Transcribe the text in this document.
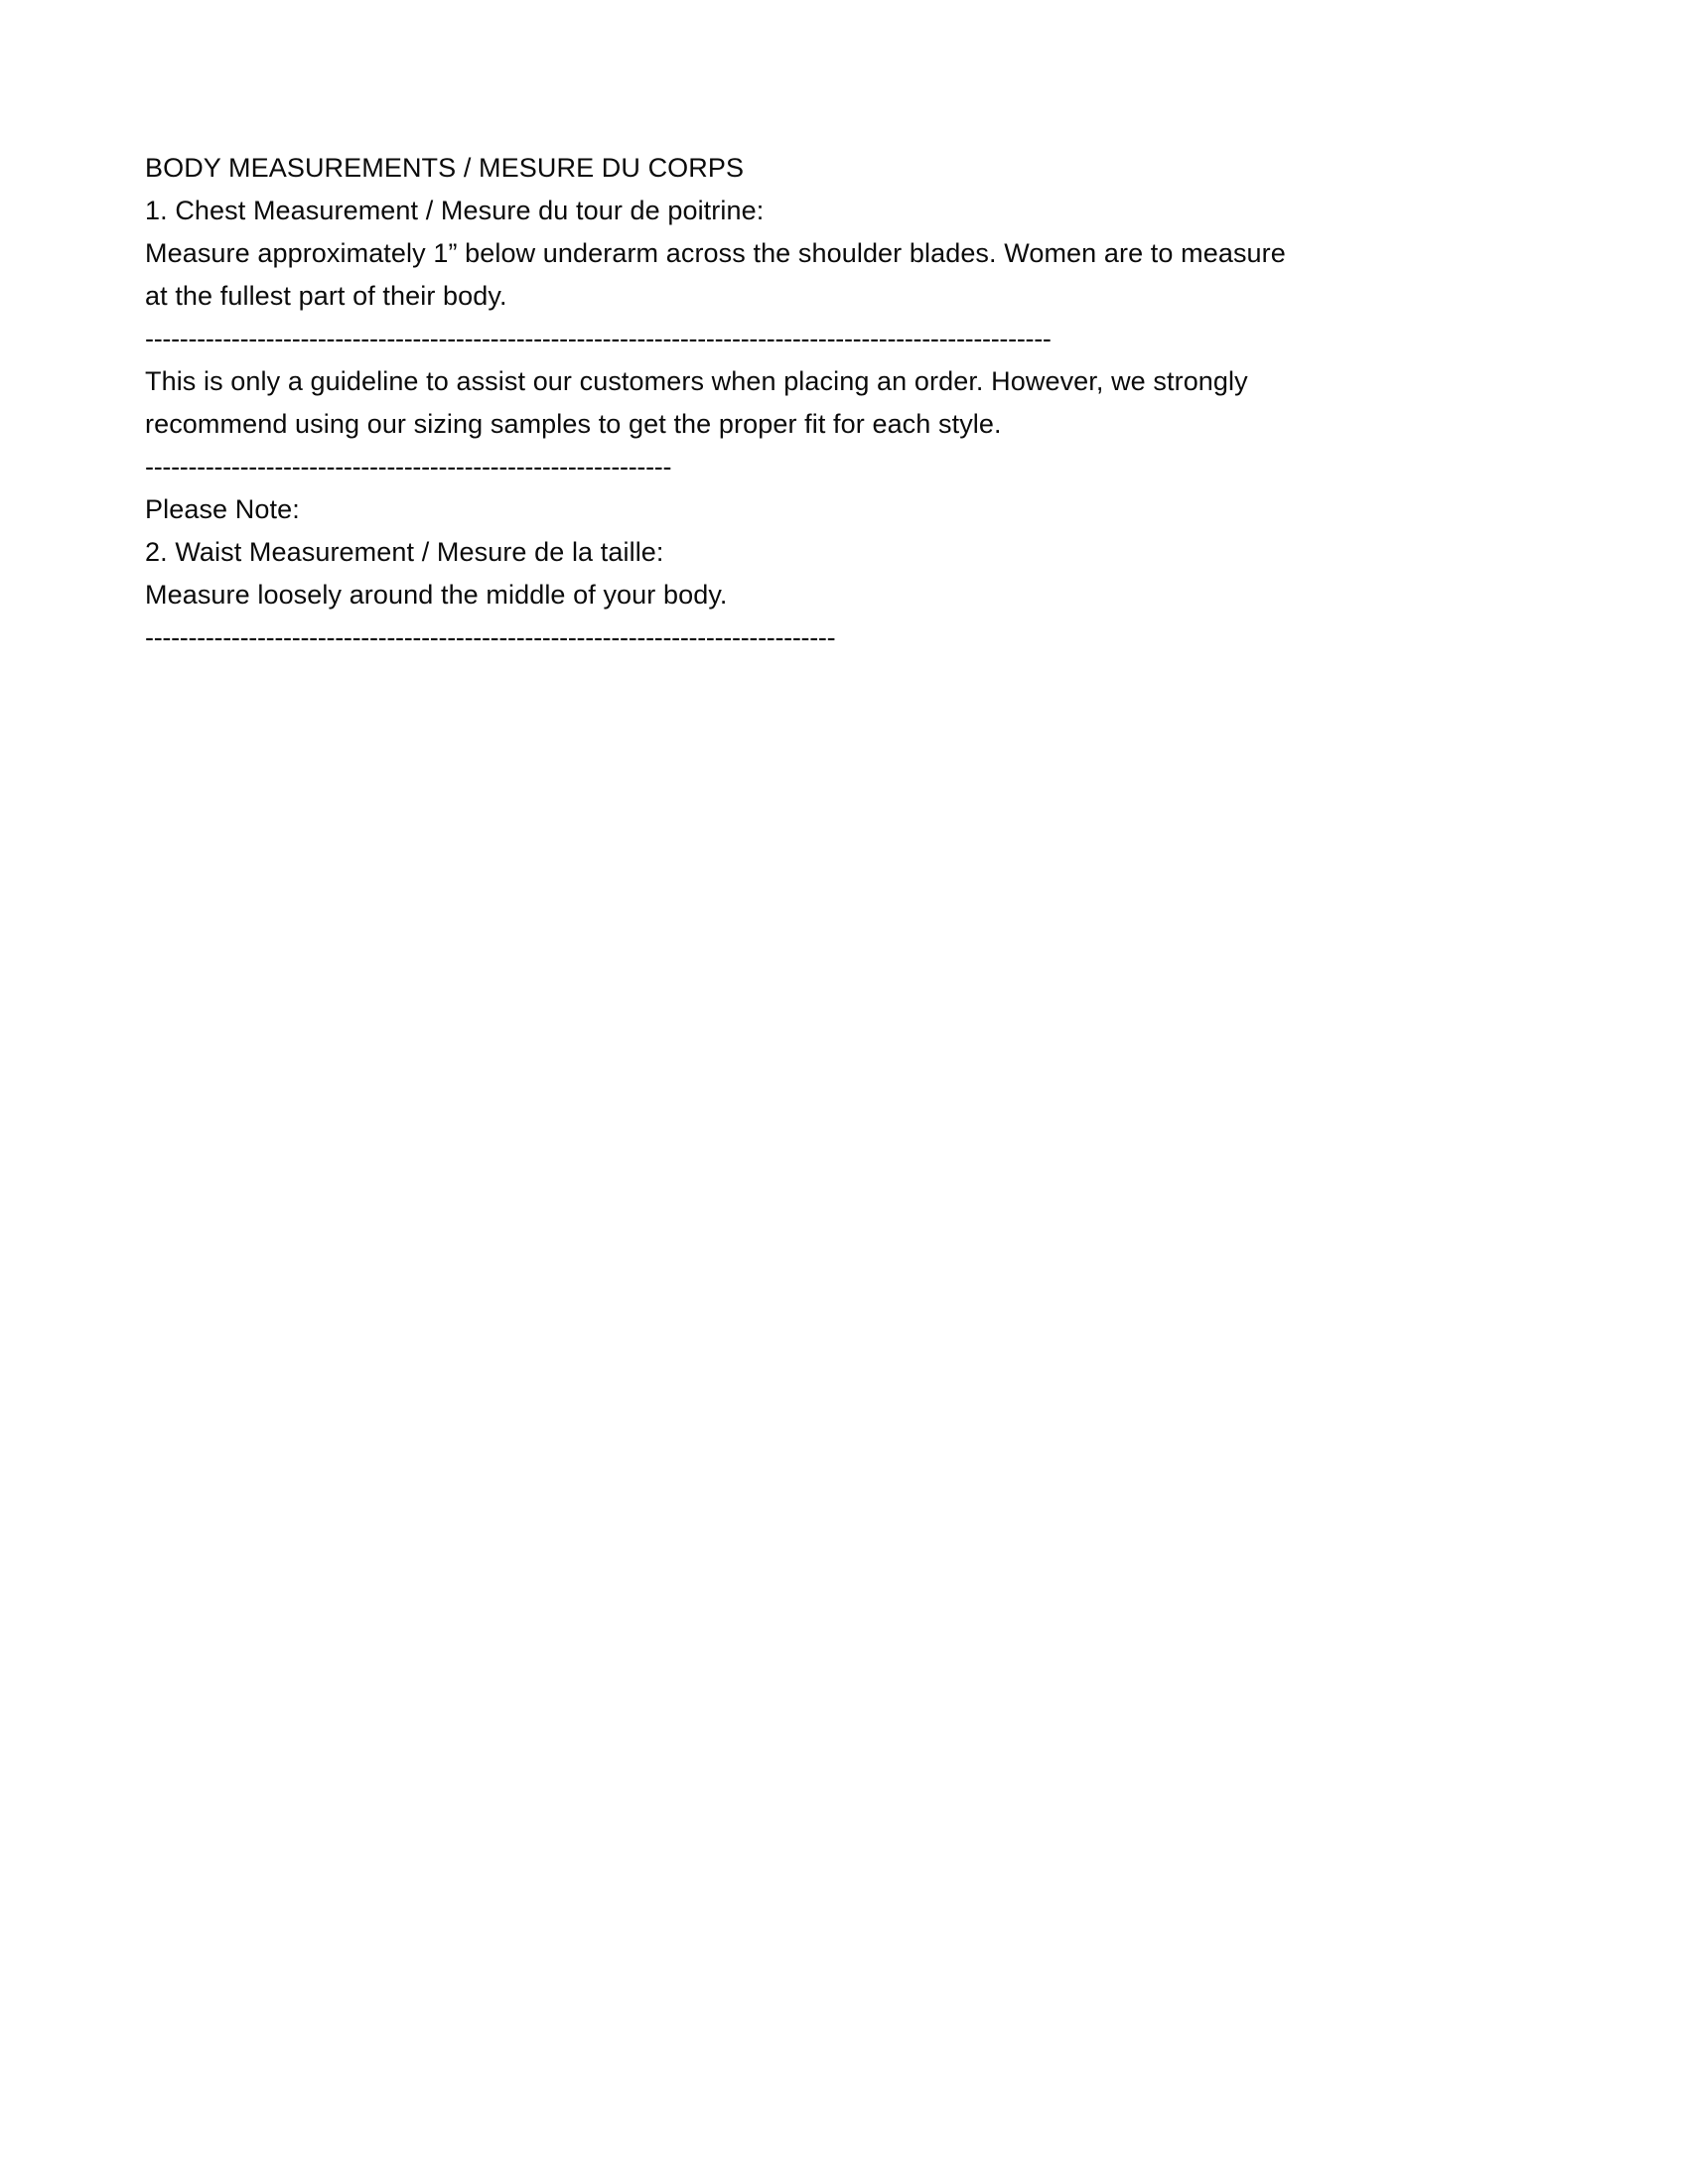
BODY MEASUREMENTS / MESURE DU CORPS
1. Chest Measurement / Mesure du tour de poitrine:
Measure approximately 1” below underarm across the shoulder blades. Women are to measure at the fullest part of their body.
---------------------------------------------------------------------------------------------------------
This is only a guideline to assist our customers when placing an order. However, we strongly recommend using our sizing samples to get the proper fit for each style.
-------------------------------------------------------------
Please Note:
2. Waist Measurement / Mesure de la taille:
Measure loosely around the middle of your body.
--------------------------------------------------------------------------------
